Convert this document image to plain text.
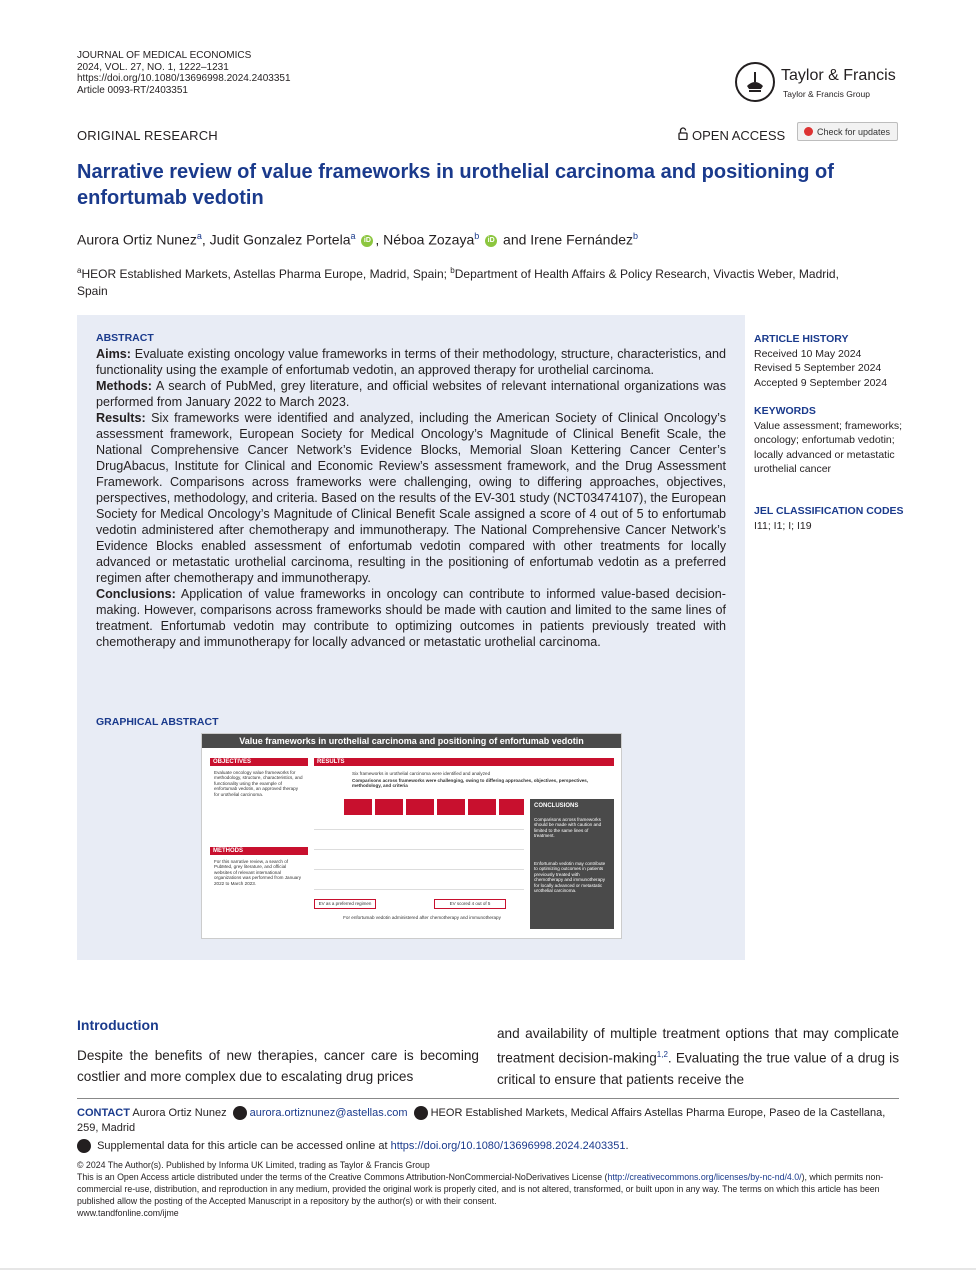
JOURNAL OF MEDICAL ECONOMICS
2024, VOL. 27, NO. 1, 1222–1231
https://doi.org/10.1080/13696998.2024.2403351
Article 0093-RT/2403351
Taylor & Francis
Taylor & Francis Group
ORIGINAL RESEARCH	OPEN ACCESS	Check for updates
Narrative review of value frameworks in urothelial carcinoma and positioning of enfortumab vedotin
Aurora Ortiz Nunez$^a$, Judit Gonzalez Portela$^a$ iD , Néboa Zozaya$^b$ iD and Irene Fernández$^b$
$^a$HEOR Established Markets, Astellas Pharma Europe, Madrid, Spain; $^b$Department of Health Affairs & Policy Research, Vivactis Weber, Madrid, Spain
ABSTRACT

Aims: Evaluate existing oncology value frameworks in terms of their methodology, structure, characteristics, and functionality using the example of enfortumab vedotin, an approved therapy for urothelial carcinoma.

Methods: A search of PubMed, grey literature, and official websites of relevant international organizations was performed from January 2022 to March 2023.

Results: Six frameworks were identified and analyzed, including the American Society of Clinical Oncology’s assessment framework, European Society for Medical Oncology’s Magnitude of Clinical Benefit Scale, the National Comprehensive Cancer Network’s Evidence Blocks, Memorial Sloan Kettering Cancer Center’s DrugAbacus, Institute for Clinical and Economic Review’s assessment framework, and the Drug Assessment Framework. Comparisons across frameworks were challenging, owing to differing approaches, objectives, perspectives, methodology, and criteria. Based on the results of the EV-301 study (NCT03474107), the European Society for Medical Oncology’s Magnitude of Clinical Benefit Scale assigned a score of 4 out of 5 to enfortumab vedotin administered after chemotherapy and immunotherapy. The National Comprehensive Cancer Network’s Evidence Blocks enabled assessment of enfortumab vedotin compared with other treatments for locally advanced or metastatic urothelial carcinoma, resulting in the positioning of enfortumab vedotin as a preferred regimen after chemotherapy and immunotherapy.

Conclusions: Application of value frameworks in oncology can contribute to informed value-based decision-making. However, comparisons across frameworks should be made with caution and limited to the same lines of treatment. Enfortumab vedotin may contribute to optimizing outcomes in patients previously treated with chemotherapy and immunotherapy for locally advanced or metastatic urothelial carcinoma.

GRAPHICAL ABSTRACT
Value frameworks in urothelial carcinoma and positioning of enfortumab vedotin
OBJECTIVES
Evaluate oncology value frameworks for methodology, structure, characteristics, and functionality using the example of enfortumab vedotin, an approved therapy for urothelial carcinoma.
METHODS
For this narrative review, a search of PubMed, grey literature, and official websites of relevant international organizations was performed from January 2022 to March 2023.
RESULTS
Six frameworks in urothelial carcinoma were identified and analyzed
Comparisons across frameworks were challenging, owing to differing approaches, objectives, perspectives, methodology, and criteria
EV as a preferred regimen	EV scored 4 out of 5
For enfortumab vedotin administered after chemotherapy and immunotherapy
CONCLUSIONS
Comparisons across frameworks should be made with caution and limited to the same lines of treatment.
Enfortumab vedotin may contribute to optimizing outcomes in patients previously treated with chemotherapy and immunotherapy for locally advanced or metastatic urothelial carcinoma.
ARTICLE HISTORY
Received 10 May 2024
Revised 5 September 2024
Accepted 9 September 2024
KEYWORDS
Value assessment; frameworks; oncology; enfortumab vedotin; locally advanced or metastatic urothelial cancer
JEL CLASSIFICATION CODES
I11; I1; I; I19
Introduction
Despite the benefits of new therapies, cancer care is becoming costlier and more complex due to escalating drug prices
and availability of multiple treatment options that may complicate treatment decision-making$^{1,2}$. Evaluating the true value of a drug is critical to ensure that patients receive the
CONTACT Aurora Ortiz Nunez aurora.ortiznunez@astellas.com HEOR Established Markets, Medical Affairs Astellas Pharma Europe, Paseo de la Castellana, 259, Madrid
Supplemental data for this article can be accessed online at https://doi.org/10.1080/13696998.2024.2403351.
© 2024 The Author(s). Published by Informa UK Limited, trading as Taylor & Francis Group
This is an Open Access article distributed under the terms of the Creative Commons Attribution-NonCommercial-NoDerivatives License (http://creativecommons.org/licenses/by-nc-nd/4.0/), which permits non-commercial re-use, distribution, and reproduction in any medium, provided the original work is properly cited, and is not altered, transformed, or built upon in any way. The terms on which this article has been published allow the posting of the Accepted Manuscript in a repository by the author(s) or with their consent.
www.tandfonline.com/ijme
